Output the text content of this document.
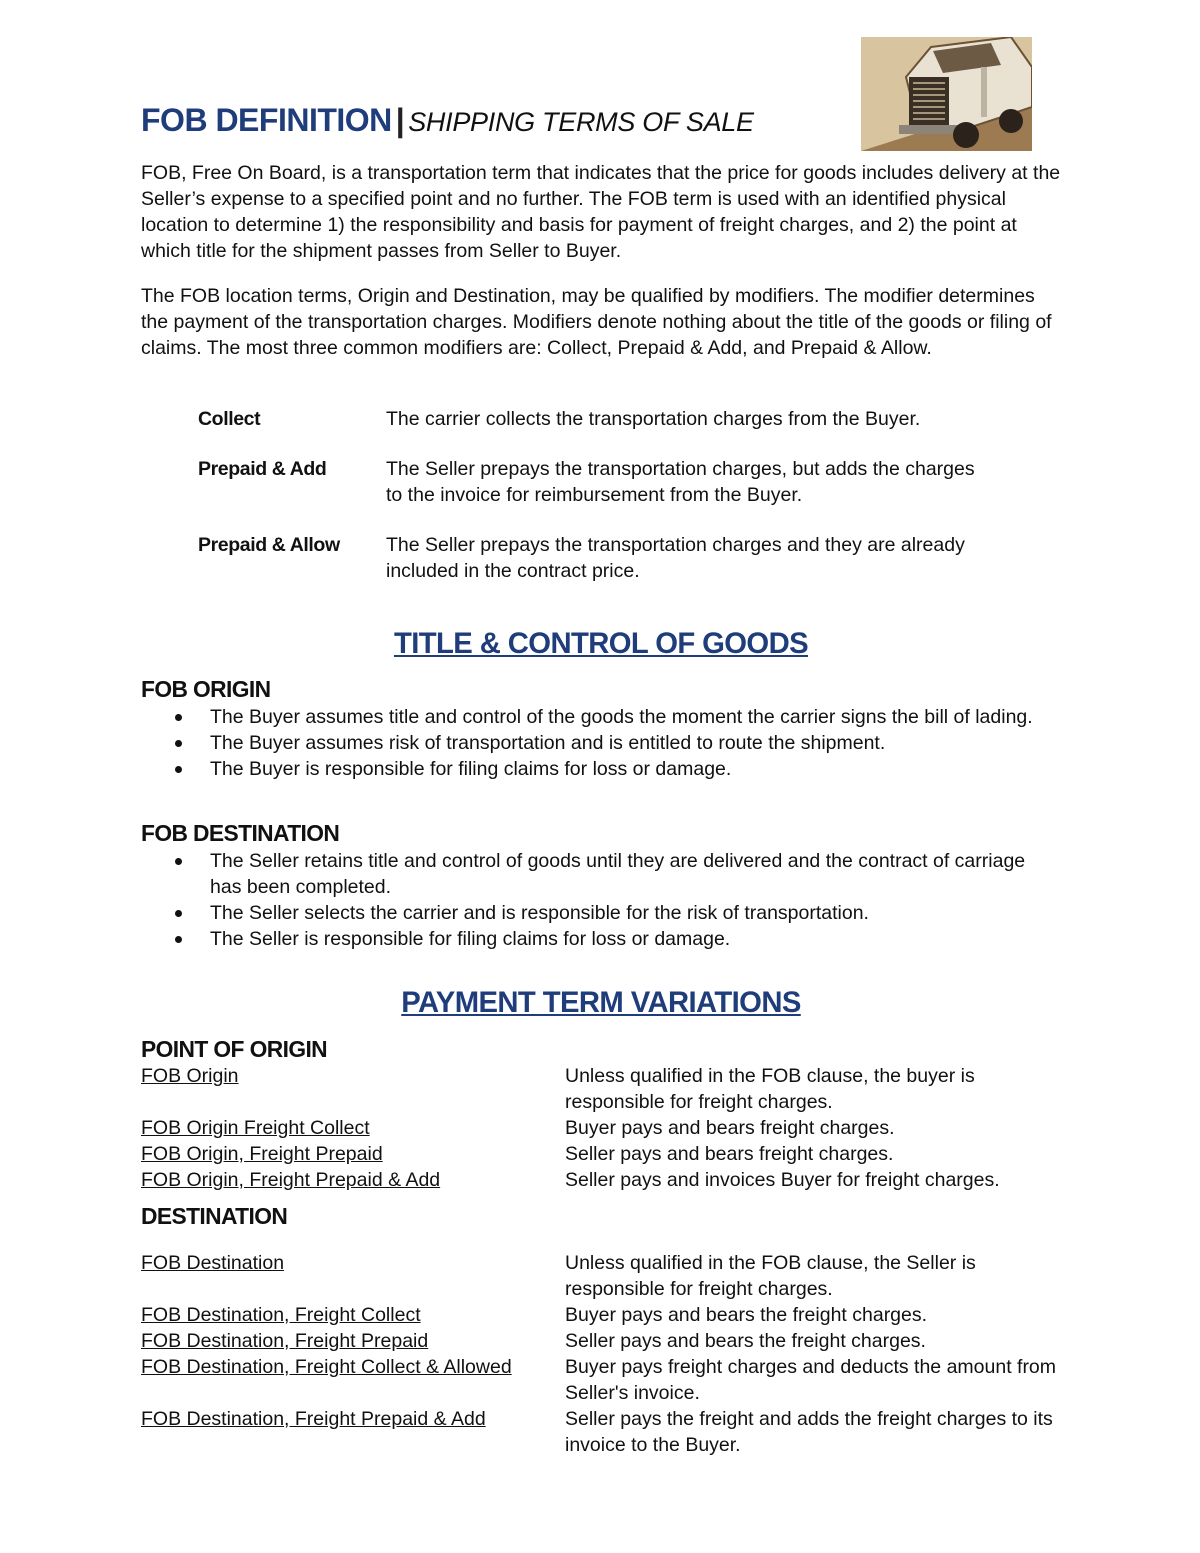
FOB DEFINITION | SHIPPING TERMS OF SALE

FOB, Free On Board, is a transportation term that indicates that the price for goods includes delivery at the Seller’s expense to a specified point and no further. The FOB term is used with an identified physical location to determine 1) the responsibility and basis for payment of freight charges, and 2) the point at which title for the shipment passes from Seller to Buyer.

The FOB location terms, Origin and Destination, may be qualified by modifiers. The modifier determines the payment of the transportation charges. Modifiers denote nothing about the title of the goods or filing of claims. The most three common modifiers are: Collect, Prepaid & Add, and Prepaid & Allow.

Collect	The carrier collects the transportation charges from the Buyer.
Prepaid & Add	The Seller prepays the transportation charges, but adds the charges to the invoice for reimbursement from the Buyer.
Prepaid & Allow	The Seller prepays the transportation charges and they are already included in the contract price.
TITLE & CONTROL OF GOODS
FOB ORIGIN
The Buyer assumes title and control of the goods the moment the carrier signs the bill of lading.
The Buyer assumes risk of transportation and is entitled to route the shipment.
The Buyer is responsible for filing claims for loss or damage.
FOB DESTINATION
The Seller retains title and control of goods until they are delivered and the contract of carriage has been completed.
The Seller selects the carrier and is responsible for the risk of transportation.
The Seller is responsible for filing claims for loss or damage.
PAYMENT TERM VARIATIONS
POINT OF ORIGIN
FOB Origin	Unless qualified in the FOB clause, the buyer is responsible for freight charges.
FOB Origin Freight Collect	Buyer pays and bears freight charges.
FOB Origin, Freight Prepaid	Seller pays and bears freight charges.
FOB Origin, Freight Prepaid & Add	Seller pays and invoices Buyer for freight charges.
DESTINATION
FOB Destination	Unless qualified in the FOB clause, the Seller is responsible for freight charges.
FOB Destination, Freight Collect	Buyer pays and bears the freight charges.
FOB Destination, Freight Prepaid	Seller pays and bears the freight charges.
FOB Destination, Freight Collect & Allowed	Buyer pays freight charges and deducts the amount from Seller's invoice.
FOB Destination, Freight Prepaid & Add	Seller pays the freight and adds the freight charges to its invoice to the Buyer.
